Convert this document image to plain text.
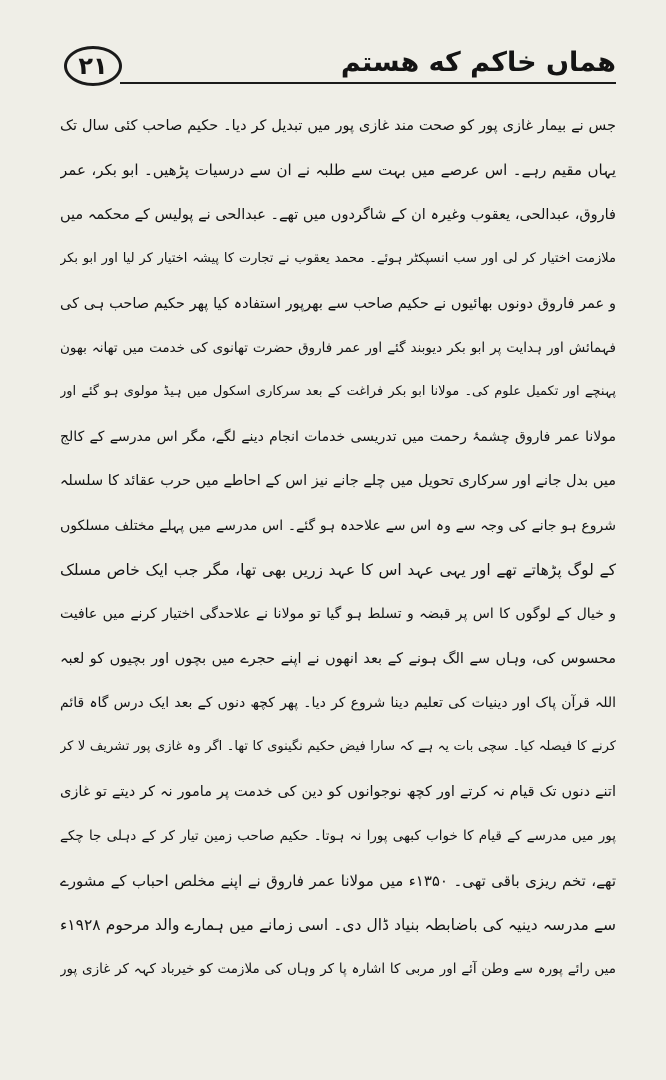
۲۱	هماں خاکم که هستم
جس نے بیمار غازی پور کو صحت مند غازی پور میں تبدیل کر دیا۔ حکیم صاحب کئی سال تک
یہاں مقیم رہے۔ اس عرصے میں بہت سے طلبہ نے ان سے درسیات پڑھیں۔ ابو بکر، عمر
فاروق، عبدالحی، یعقوب وغیرہ ان کے شاگردوں میں تھے۔ عبدالحی نے پولیس کے محکمہ میں
ملازمت اختیار کر لی اور سب انسپکٹر ہوئے۔ محمد یعقوب نے تجارت کا پیشہ اختیار کر لیا اور ابو بکر
و عمر فاروق دونوں بھائیوں نے حکیم صاحب سے بھرپور استفادہ کیا پھر حکیم صاحب ہی کی
فہمائش اور ہدایت پر ابو بکر دیوبند گئے اور عمر فاروق حضرت تھانوی کی خدمت میں تھانہ بھون
پہنچے اور تکمیل علوم کی۔ مولانا ابو بکر فراغت کے بعد سرکاری اسکول میں ہیڈ مولوی ہو گئے اور
مولانا عمر فاروق چشمۂ رحمت میں تدریسی خدمات انجام دینے لگے، مگر اس مدرسے کے کالج
میں بدل جانے اور سرکاری تحویل میں چلے جانے نیز اس کے احاطے میں حرب عقائد کا سلسلہ
شروع ہو جانے کی وجہ سے وہ اس سے علاحدہ ہو گئے۔ اس مدرسے میں پہلے مختلف مسلکوں
کے لوگ پڑھاتے تھے اور یہی عہد اس کا عہد زریں بھی تھا، مگر جب ایک خاص مسلک
و خیال کے لوگوں کا اس پر قبضہ و تسلط ہو گیا تو مولانا نے علاحدگی اختیار کرنے میں عافیت
محسوس کی، وہاں سے الگ ہونے کے بعد انھوں نے اپنے حجرے میں بچوں اور بچیوں کو لعبہ
اللہ قرآن پاک اور دینیات کی تعلیم دینا شروع کر دیا۔ پھر کچھ دنوں کے بعد ایک درس گاہ قائم
کرنے کا فیصلہ کیا۔ سچی بات یہ ہے کہ سارا فیض حکیم نگینوی کا تھا۔ اگر وہ غازی پور تشریف لا کر
اتنے دنوں تک قیام نہ کرتے اور کچھ نوجوانوں کو دین کی خدمت پر مامور نہ کر دیتے تو غازی
پور میں مدرسے کے قیام کا خواب کبھی پورا نہ ہوتا۔ حکیم صاحب زمین تیار کر کے دہلی جا چکے
تھے، تخم ریزی باقی تھی۔ ۱۳۵۰ء میں مولانا عمر فاروق نے اپنے مخلص احباب کے مشورے
سے مدرسہ دینیہ کی باضابطہ بنیاد ڈال دی۔ اسی زمانے میں ہمارے والد مرحوم ۱۹۲۸ء
میں رائے پورہ سے وطن آئے اور مربی کا اشارہ پا کر وہاں کی ملازمت کو خیرباد کہہ کر غازی پور
